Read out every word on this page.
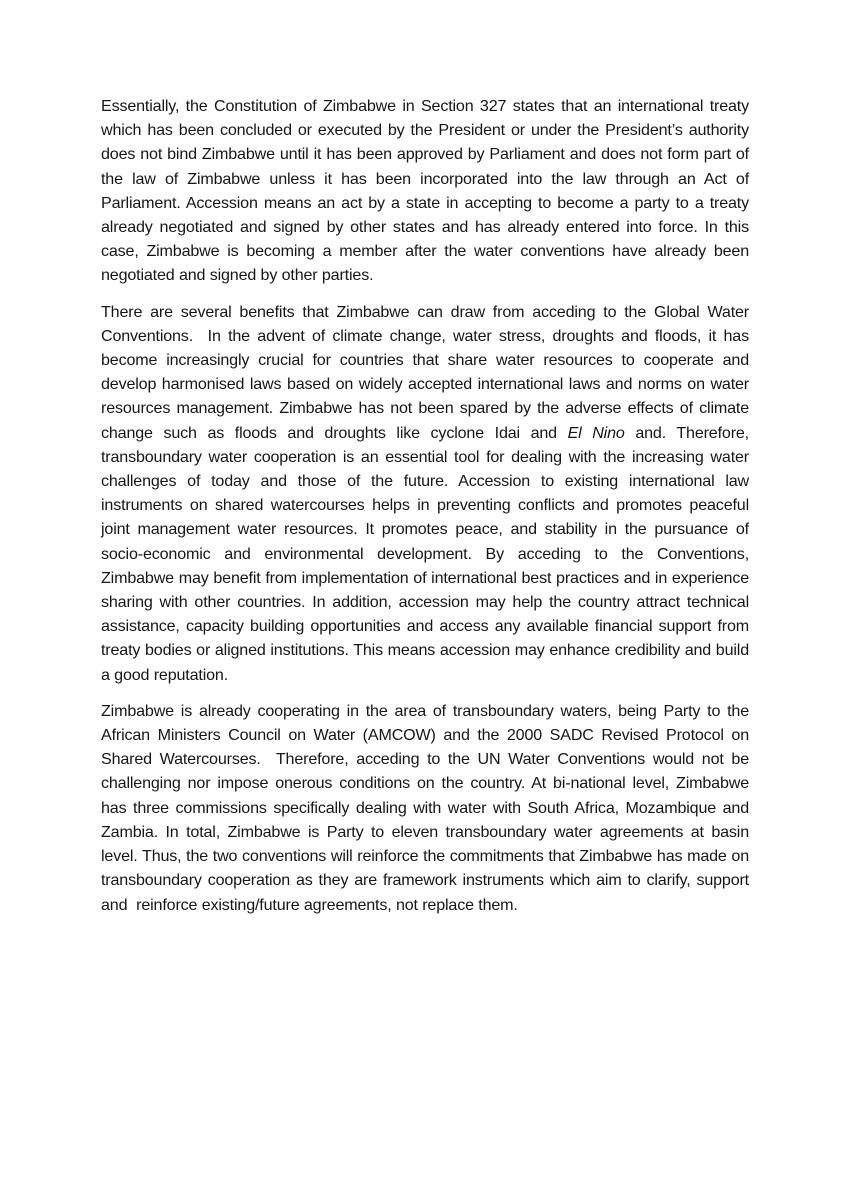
Essentially, the Constitution of Zimbabwe in Section 327 states that an international treaty which has been concluded or executed by the President or under the President’s authority does not bind Zimbabwe until it has been approved by Parliament and does not form part of the law of Zimbabwe unless it has been incorporated into the law through an Act of Parliament. Accession means an act by a state in accepting to become a party to a treaty already negotiated and signed by other states and has already entered into force. In this case, Zimbabwe is becoming a member after the water conventions have already been negotiated and signed by other parties.

There are several benefits that Zimbabwe can draw from acceding to the Global Water Conventions.  In the advent of climate change, water stress, droughts and floods, it has become increasingly crucial for countries that share water resources to cooperate and develop harmonised laws based on widely accepted international laws and norms on water resources management. Zimbabwe has not been spared by the adverse effects of climate change such as floods and droughts like cyclone Idai and El Nino and. Therefore, transboundary water cooperation is an essential tool for dealing with the increasing water challenges of today and those of the future. Accession to existing international law instruments on shared watercourses helps in preventing conflicts and promotes peaceful joint management water resources. It promotes peace, and stability in the pursuance of socio-economic and environmental development. By acceding to the Conventions, Zimbabwe may benefit from implementation of international best practices and in experience sharing with other countries. In addition, accession may help the country attract technical assistance, capacity building opportunities and access any available financial support from treaty bodies or aligned institutions. This means accession may enhance credibility and build a good reputation.

Zimbabwe is already cooperating in the area of transboundary waters, being Party to the African Ministers Council on Water (AMCOW) and the 2000 SADC Revised Protocol on Shared Watercourses.  Therefore, acceding to the UN Water Conventions would not be challenging nor impose onerous conditions on the country. At bi-national level, Zimbabwe has three commissions specifically dealing with water with South Africa, Mozambique and Zambia. In total, Zimbabwe is Party to eleven transboundary water agreements at basin level. Thus, the two conventions will reinforce the commitments that Zimbabwe has made on transboundary cooperation as they are framework instruments which aim to clarify, support and  reinforce existing/future agreements, not replace them.
